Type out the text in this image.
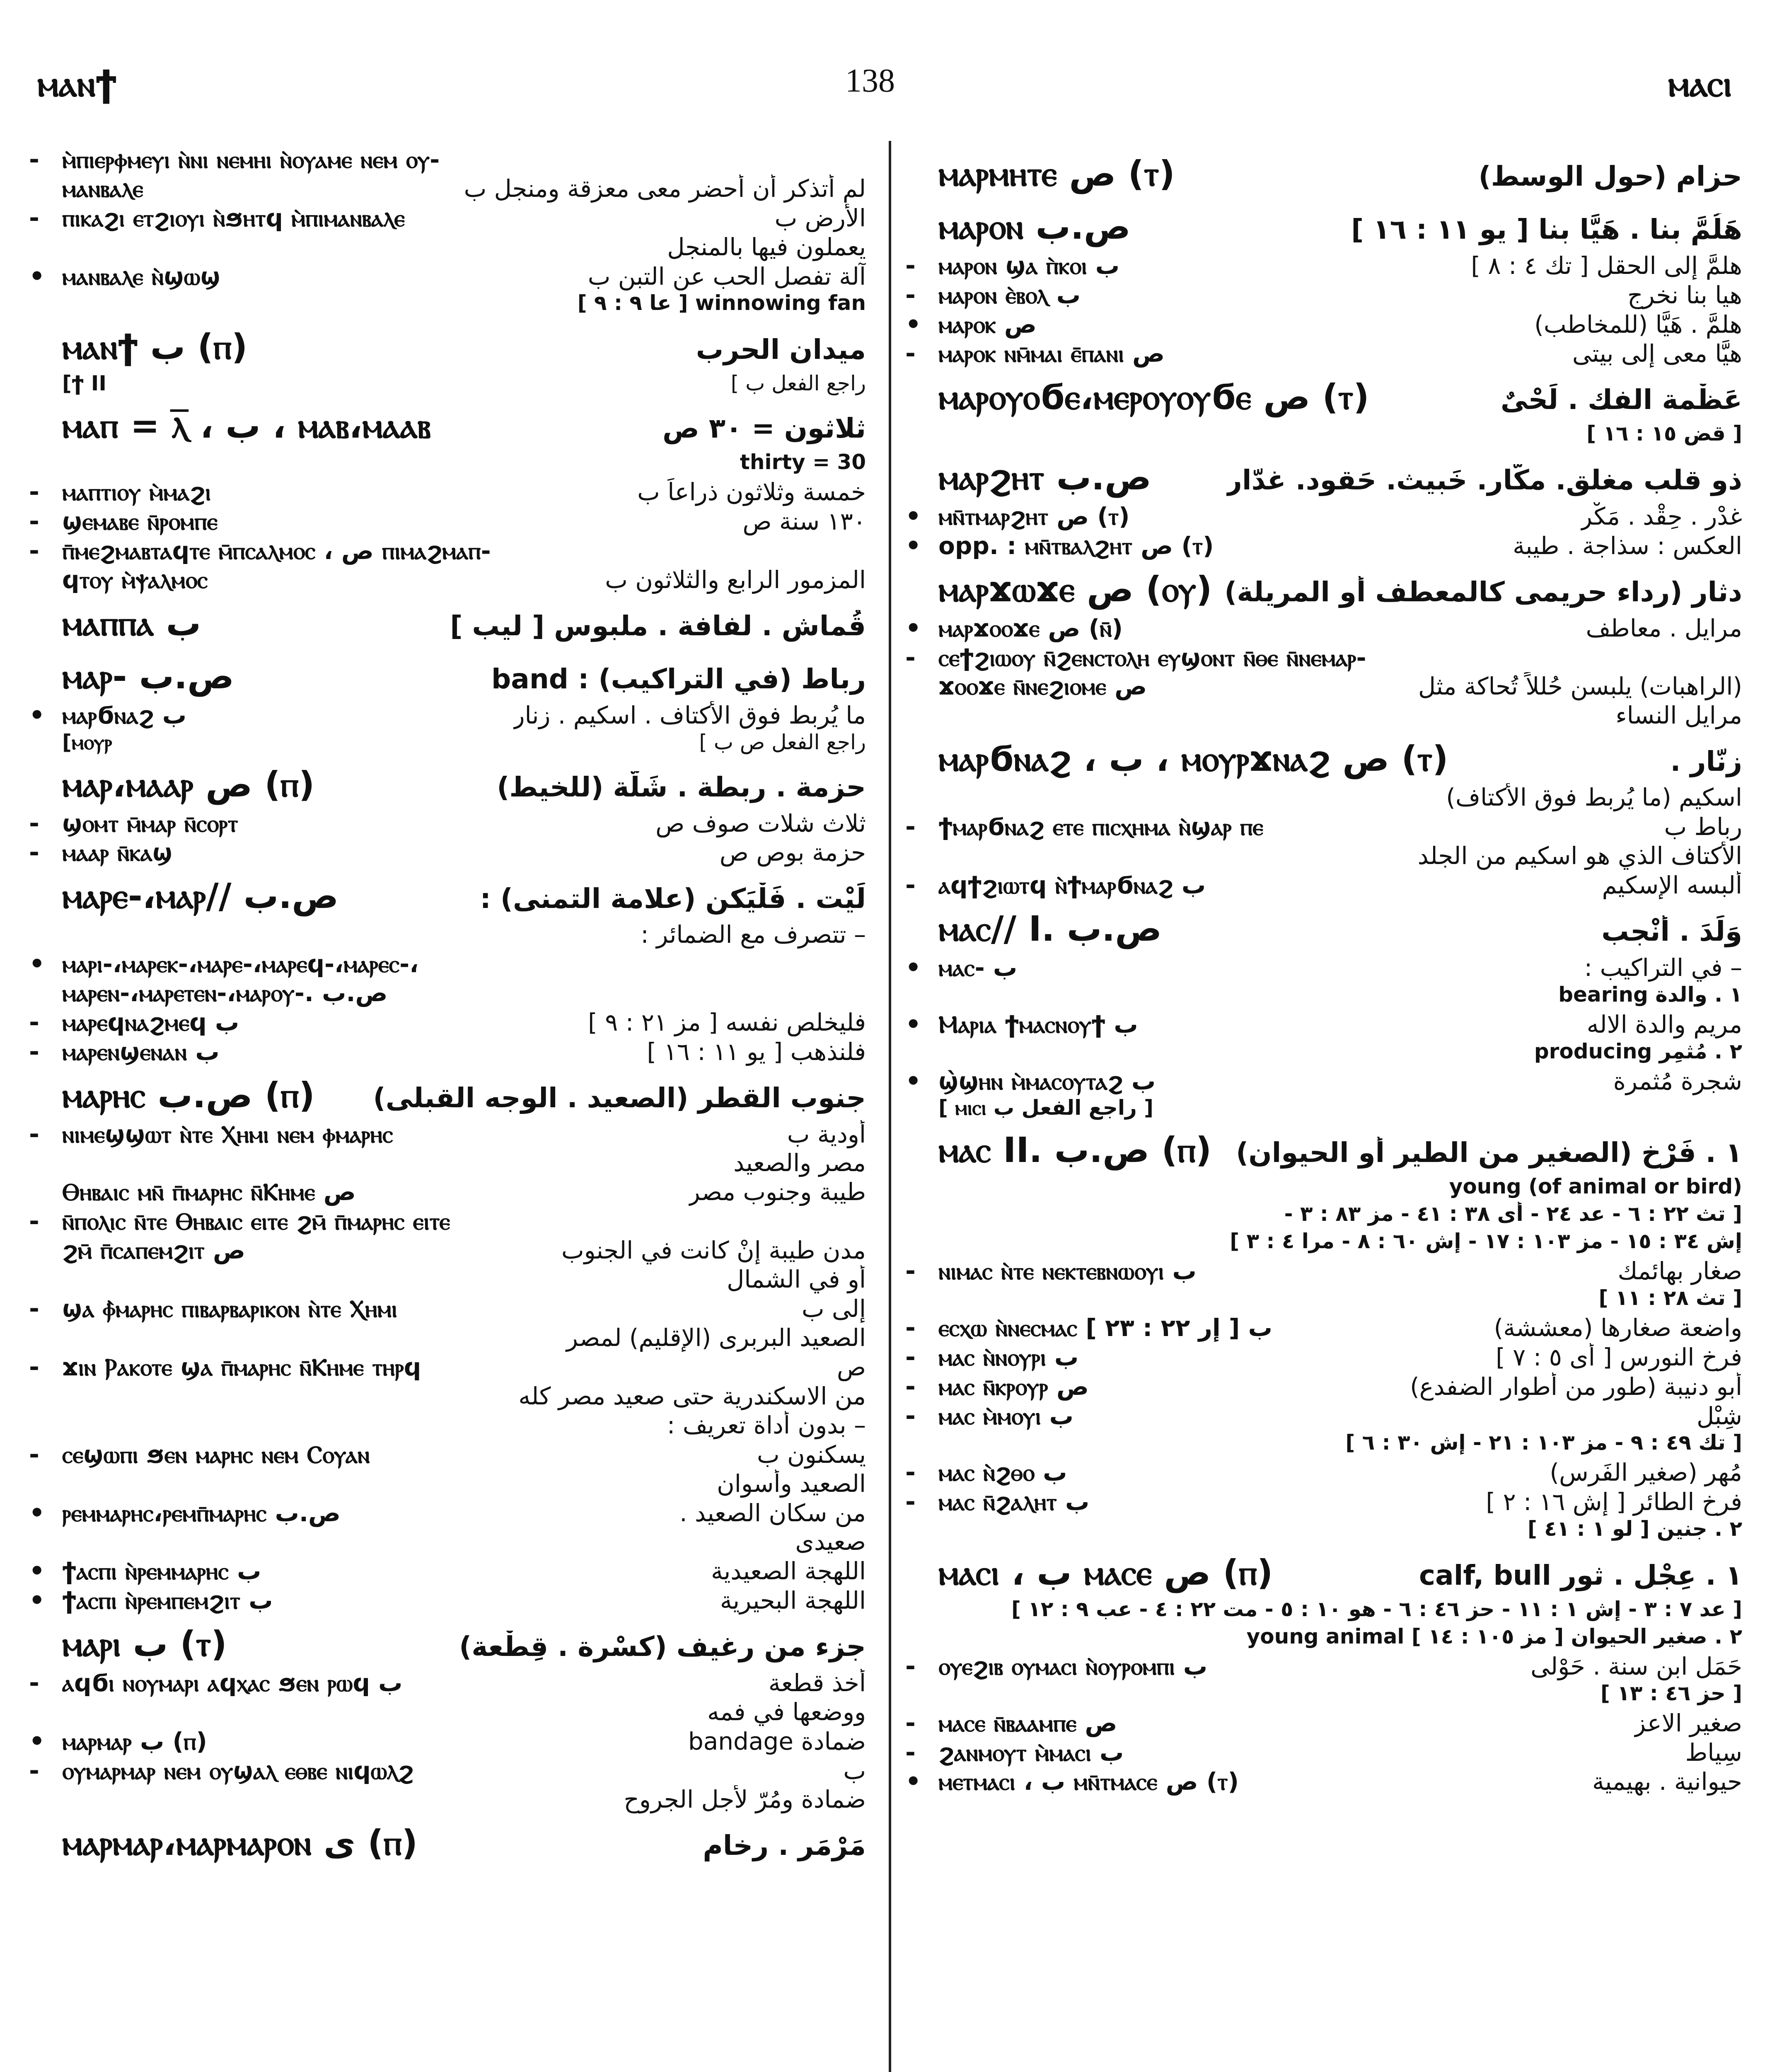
ⲙⲁⲛϯ	138	ⲙⲁⲥⲓ
- ⲙ̀ⲡⲓⲉⲣⲫⲙⲉⲩⲓ ⲛ̀ⲛⲓ ⲛⲉⲙⲏⲓ ⲛ̀ⲟⲩⲁⲙⲉ ⲛⲉⲙ ⲟⲩ-
ⲙⲁⲛⲃⲁⲗⲉ	لم أتذكر أن أحضر معى معزقة ومنجل ب
- ⲡⲓⲕⲁϩⲓ ⲉⲧϩⲓⲟⲩⲓ ⲛ̀ϧⲏⲧϥ ⲙ̀ⲡⲓⲙⲁⲛⲃⲁⲗⲉ	الأرض ب
يعملون فيها بالمنجل
• ⲙⲁⲛⲃⲁⲗⲉ ⲛ̀ϣⲱϣ	آلة تفصل الحب عن التبن ب
winnowing fan [ عا ٩ : ٩ ]
ⲙⲁⲛϯ ب (ⲡ)	ميدان الحرب
[ϯ II	راجع الفعل ب ]
ⲙⲁⲡ = ⲗ̅ ، ب ، ⲙⲁⲃ،ⲙⲁⲁⲃ	ثلاثون = ٣٠ ص
thirty = 30
- ⲙⲁⲡⲧⲓⲟⲩ ⲙ̀ⲙⲁϩⲓ	خمسة وثلاثون ذراعاً ب
- ϣⲉⲙⲁⲃⲉ ⲛ̄ⲣⲟⲙⲡⲉ	١٣٠ سنة ص
- ⲡ̄ⲙⲉϩⲙⲁⲃⲧⲁϥⲧⲉ ⲙ̄ⲡⲥⲁⲗⲙⲟⲥ ، ص ⲡⲓⲙⲁϩⲙⲁⲡ-
ϥⲧⲟⲩ ⲙ̀ⲯⲁⲗⲙⲟⲥ	المزمور الرابع والثلاثون ب
ⲙⲁⲡⲡⲁ ب	قُماش . لفافة . ملبوس [ ليب ]
ⲙⲁⲣ- ص.ب	رباط (في التراكيب) : band
• ⲙⲁⲣϭⲛⲁϩ ب	ما يُربط فوق الأكتاف . اسكيم . زنار
[ⲙⲟⲩⲣ	راجع الفعل ص ب ]
ⲙⲁⲣ،ⲙⲁⲁⲣ ص (ⲡ)	حزمة . ربطة . شَلّة (للخيط)
- ϣⲟⲙⲧ ⲙ̄ⲙⲁⲣ ⲛ̄ⲥⲟⲣⲧ	ثلاث شلات صوف ص
- ⲙⲁⲁⲣ ⲛ̄ⲕⲁϣ	حزمة بوص ص
ⲙⲁⲣⲉ-،ⲙⲁⲣ// ص.ب	لَيْت . فَلْيَكن (علامة التمنى) :
– تتصرف مع الضمائر :
• ⲙⲁⲣⲓ-،ⲙⲁⲣⲉⲕ-،ⲙⲁⲣⲉ-،ⲙⲁⲣⲉϥ-،ⲙⲁⲣⲉⲥ-،
ⲙⲁⲣⲉⲛ-،ⲙⲁⲣⲉⲧⲉⲛ-،ⲙⲁⲣⲟⲩ-. ص.ب
- ⲙⲁⲣⲉϥⲛⲁϩⲙⲉϥ ب	فليخلص نفسه [ مز ٢١ : ٩ ]
- ⲙⲁⲣⲉⲛϣⲉⲛⲁⲛ ب	فلنذهب [ يو ١١ : ١٦ ]
ⲙⲁⲣⲏⲥ ص.ب (ⲡ) جنوب القطر (الصعيد . الوجه القبلى)
- ⲛⲓⲙⲉϣϣⲱⲧ ⲛ̀ⲧⲉ Ⲭⲏⲙⲓ ⲛⲉⲙ ⲫⲙⲁⲣⲏⲥ	أودية ب
مصر والصعيد
Ⲑⲏⲃⲁⲓⲥ ⲙⲛ̄ ⲡ̄ⲙⲁⲣⲏⲥ ⲛ̄Ⲕⲏⲙⲉ ص	طيبة وجنوب مصر
- ⲛ̄ⲡⲟⲗⲓⲥ ⲛ̄ⲧⲉ Ⲑⲏⲃⲁⲓⲥ ⲉⲓⲧⲉ ϩⲙ̄ ⲡ̄ⲙⲁⲣⲏⲥ ⲉⲓⲧⲉ
ϩⲙ̄ ⲡ̄ⲥⲁⲡⲉⲙϩⲓⲧ ص	مدن طيبة إنْ كانت في الجنوب
أو في الشمال
- ϣⲁ ⲫ̀ⲙⲁⲣⲏⲥ ⲡⲓⲃⲁⲣⲃⲁⲣⲓⲕⲟⲛ ⲛ̀ⲧⲉ Ⲭⲏⲙⲓ	إلى ب
الصعيد البربرى (الإقليم) لمصر
- ϫⲓⲛ Ⲣⲁⲕⲟⲧⲉ ϣⲁ ⲡ̄ⲙⲁⲣⲏⲥ ⲛ̄Ⲕⲏⲙⲉ ⲧⲏⲣϥ	ص
من الاسكندرية حتى صعيد مصر كله
– بدون أداة تعريف :
- ⲥⲉϣⲱⲡⲓ ϧⲉⲛ ⲙⲁⲣⲏⲥ ⲛⲉⲙ Ⲥⲟⲩⲁⲛ	يسكنون ب
الصعيد وأسوان
• ⲣⲉⲙⲙⲁⲣⲏⲥ،ⲣⲉⲙⲡ̄ⲙⲁⲣⲏⲥ ص.ب	من سكان الصعيد .
صعيدى
• ϯⲁⲥⲡⲓ ⲛ̀ⲣⲉⲙⲙⲁⲣⲏⲥ ب	اللهجة الصعيدية
• ϯⲁⲥⲡⲓ ⲛ̀ⲣⲉⲙⲡⲉⲙϩⲓⲧ ب	اللهجة البحيرية
ⲙⲁⲣⲓ ب (ⲧ)	جزء من رغيف (كسْرة . قِطْعة)
- ⲁϥϭⲓ ⲛⲟⲩⲙⲁⲣⲓ ⲁϥⲭⲁⲥ ϧⲉⲛ ⲣⲱϥ ب	أخذ قطعة
ووضعها في فمه
• ⲙⲁⲣⲙⲁⲣ ب (ⲡ)	ضمادة bandage
- ⲟⲩⲙⲁⲣⲙⲁⲣ ⲛⲉⲙ ⲟⲩϣⲁⲗ ⲉⲑⲃⲉ ⲛⲓϥⲱⲗϩ	ب
ضمادة ومُرّ لأجل الجروح
ⲙⲁⲣⲙⲁⲣ،ⲙⲁⲣⲙⲁⲣⲟⲛ ى (ⲡ)	مَرْمَر . رخام
ⲙⲁⲣⲙⲏⲧⲉ ص (ⲧ)	حزام (حول الوسط)
ⲙⲁⲣⲟⲛ ص.ب	هَلُمَّ بنا . هَيَّا بنا [ يو ١١ : ١٦ ]
- ⲙⲁⲣⲟⲛ ϣⲁ ⲡ̀ⲕⲟⲓ ب	هلمَّ إلى الحقل [ تك ٤ : ٨ ]
- ⲙⲁⲣⲟⲛ ⲉ̀ⲃⲟⲗ ب	هيا بنا نخرج
• ⲙⲁⲣⲟⲕ ص	هلمَّ . هَيَّا (للمخاطب)
- ⲙⲁⲣⲟⲕ ⲛⲙ̄ⲙⲁⲓ ⲉ̄ⲡⲁⲛⲓ ص	هيَّا معى إلى بيتى
ⲙⲁⲣⲟⲩⲟϭⲉ،ⲙⲉⲣⲟⲩⲟⲩϭⲉ ص (ⲧ)	عَظْمة الفك . لَحْىٌ
[ قض ١٥ : ١٦ ]
ⲙⲁⲣϩⲏⲧ ص.ب	ذو قلب مغلق. مكّار. خَبيث. حَقود. غدّار
• ⲙⲛ̄ⲧⲙⲁⲣϩⲏⲧ ص (ⲧ)	غدْر . حِقْد . مَكْر
• opp. : ⲙⲛ̄ⲧⲃⲁⲗϩⲏⲧ ص (ⲧ)	العكس : سذاجة . طيبة
ⲙⲁⲣϫⲱϫⲉ ص (ⲟⲩ) دثار (رداء حريمى كالمعطف أو المريلة)
• ⲙⲁⲣϫⲟⲟϫⲉ ص (ⲛ̄)	مرايل . معاطف
- ⲥⲉϯϩⲓⲱⲟⲩ ⲛ̄ϩⲉⲛⲥⲧⲟⲗⲏ ⲉⲩϣⲟⲛⲧ ⲛ̄ⲑⲉ ⲛ̄ⲛⲉⲙⲁⲣ-
ϫⲟⲟϫⲉ ⲛ̄ⲛⲉϩⲓⲟⲙⲉ ص	(الراهبات) يلبسن حُللاً تُحاكة مثل
مرايل النساء
ⲙⲁⲣϭⲛⲁϩ ، ب ، ⲙⲟⲩⲣϫⲛⲁϩ ص (ⲧ)	زنّار .
اسكيم (ما يُربط فوق الأكتاف)
- ϯⲙⲁⲣϭⲛⲁϩ ⲉⲧⲉ ⲡⲓⲥⲭⲏⲙⲁ ⲛ̀ϣⲁⲣ ⲡⲉ	رباط ب
الأكتاف الذي هو اسكيم من الجلد
- ⲁϥϯϩⲓⲱⲧϥ ⲛ̀ϯⲙⲁⲣϭⲛⲁϩ ب	ألبسه الإسكيم
ⲙⲁⲥ// I. ص.ب	وَلَدَ . أنْجب
• ⲙⲁⲥ- ب	– في التراكيب :
١ . والدة bearing
• Ⲙⲁⲣⲓⲁ ϯⲙⲁⲥⲛⲟⲩϯ ب	مريم والدة الاله
٢ . مُثمِر producing
• ϣ̀ϣⲏⲛ ⲙ̀ⲙⲁⲥⲟⲩⲧⲁϩ ب	شجرة مُثمرة
[ ⲙⲓⲥⲓ راجع الفعل ب ]
ⲙⲁⲥ II. ص.ب (ⲡ) ١ . فَرْخ (الصغير من الطير أو الحيوان)
young (of animal or bird)
[ تث ٢٢ : ٦ - عد ٢٤ - أى ٣٨ : ٤١ - مز ٨٣ : ٣ -
إش ٣٤ : ١٥ - مز ١٠٣ : ١٧ - إش ٦٠ : ٨ - مرا ٤ : ٣ ]
- ⲛⲓⲙⲁⲥ ⲛ̀ⲧⲉ ⲛⲉⲕⲧⲉⲃⲛⲱⲟⲩⲓ ب	صغار بهائمك
[ تث ٢٨ : ١١ ]
- ⲉⲥⲭⲱ ⲛ̀ⲛⲉⲥⲙⲁⲥ ب [ إر ٢٢ : ٢٣ ]	واضعة صغارها (معششة)
- ⲙⲁⲥ ⲛ̀ⲛⲟⲩⲣⲓ ب	فرخ النورس [ أى ٥ : ٧ ]
- ⲙⲁⲥ ⲛ̄ⲕⲣⲟⲩⲣ ص	أبو دنيبة (طور من أطوار الضفدع)
- ⲙⲁⲥ ⲙ̀ⲙⲟⲩⲓ ب	شِبْل
[ تك ٤٩ : ٩ - مز ١٠٣ : ٢١ - إش ٣٠ : ٦ ]
- ⲙⲁⲥ ⲛ̀ϩⲑⲟ ب	مُهر (صغير الفَرس)
- ⲙⲁⲥ ⲛ̄ϩⲁⲗⲏⲧ ب	فرخ الطائر [ إش ١٦ : ٢ ]
٢ . جنين [ لو ١ : ٤١ ]
ⲙⲁⲥⲓ ، ب ⲙⲁⲥⲉ ص (ⲡ)	١ . عِجْل . ثور calf, bull
[ عد ٧ : ٣ - إش ١ : ١١ - حز ٤٦ : ٦ - هو ١٠ : ٥ - مت ٢٢ : ٤ - عب ٩ : ١٢ ]
٢ . صغير الحيوان [ مز ١٠٥ : ١٤ ] young animal
- ⲟⲩⲉϩⲓⲃ ⲟⲩⲙⲁⲥⲓ ⲛ̀ⲟⲩⲣⲟⲙⲡⲓ ب	حَمَل ابن سنة . حَوْلى
[ حز ٤٦ : ١٣ ]
- ⲙⲁⲥⲉ ⲛ̄ⲃⲁⲁⲙⲡⲉ ص	صغير الاعز
- ϩⲁⲛⲙⲟⲩⲧ ⲙ̀ⲙⲁⲥⲓ ب	سِياط
• ⲙⲉⲧⲙⲁⲥⲓ ، ب ⲙⲛ̄ⲧⲙⲁⲥⲉ ص (ⲧ)	حيوانية . بهيمية
